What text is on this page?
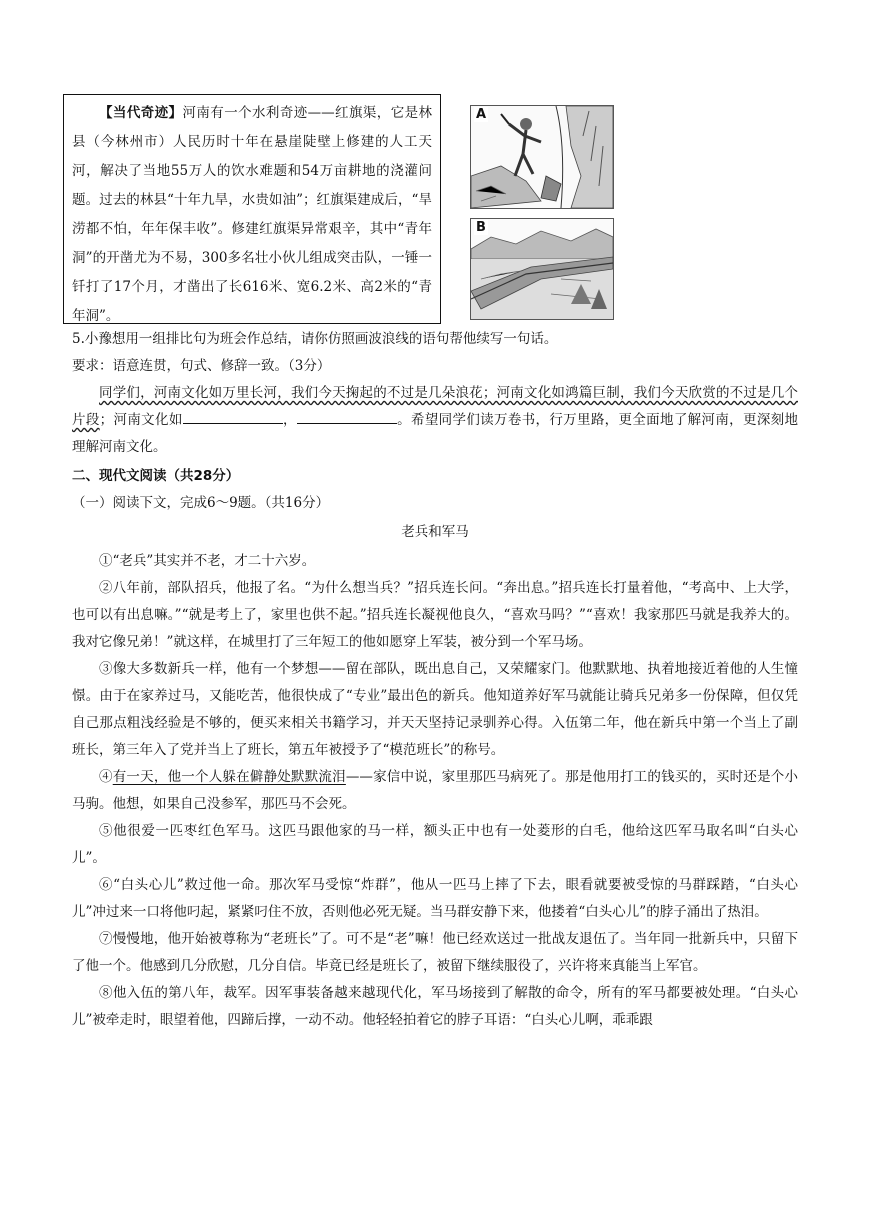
【当代奇迹】河南有一个水利奇迹——红旗渠，它是林县（今林州市）人民历时十年在悬崖陡壁上修建的人工天河，解决了当地55万人的饮水难题和54万亩耕地的浇灌问题。过去的林县“十年九旱，水贵如油”；红旗渠建成后，“旱涝都不怕，年年保丰收”。修建红旗渠异常艰辛，其中“青年洞”的开凿尤为不易，300多名壮小伙儿组成突击队，一锤一钎打了17个月，才凿出了长616米、宽6.2米、高2米的“青年洞”。

A
B

5.小豫想用一组排比句为班会作总结，请你仿照画波浪线的语句帮他续写一句话。

要求：语意连贯，句式、修辞一致。（3分）

同学们，河南文化如万里长河，我们今天掬起的不过是几朵浪花；河南文化如鸿篇巨制，我们今天欣赏的不过是几个片段；河南文化如	，	。希望同学们读万卷书，行万里路，更全面地了解河南，更深刻地理解河南文化。

二、现代文阅读（共28分）

（一）阅读下文，完成6～9题。（共16分）

老兵和军马

①“老兵”其实并不老，才二十六岁。

②八年前，部队招兵，他报了名。“为什么想当兵？”招兵连长问。“奔出息。”招兵连长打量着他，“考高中、上大学，也可以有出息嘛。”“就是考上了，家里也供不起。”招兵连长凝视他良久，“喜欢马吗？”“喜欢！我家那匹马就是我养大的。我对它像兄弟！”就这样，在城里打了三年短工的他如愿穿上军装，被分到一个军马场。

③像大多数新兵一样，他有一个梦想——留在部队，既出息自己，又荣耀家门。他默默地、执着地接近着他的人生憧憬。由于在家养过马，又能吃苦，他很快成了“专业”最出色的新兵。他知道养好军马就能让骑兵兄弟多一份保障，但仅凭自己那点粗浅经验是不够的，便买来相关书籍学习，并天天坚持记录驯养心得。入伍第二年，他在新兵中第一个当上了副班长，第三年入了党并当上了班长，第五年被授予了“模范班长”的称号。

④有一天，他一个人躲在僻静处默默流泪——家信中说，家里那匹马病死了。那是他用打工的钱买的，买时还是个小马驹。他想，如果自己没参军，那匹马不会死。

⑤他很爱一匹枣红色军马。这匹马跟他家的马一样，额头正中也有一处菱形的白毛，他给这匹军马取名叫“白头心儿”。

⑥“白头心儿”救过他一命。那次军马受惊“炸群”，他从一匹马上摔了下去，眼看就要被受惊的马群踩踏，“白头心儿”冲过来一口将他叼起，紧紧叼住不放，否则他必死无疑。当马群安静下来，他搂着“白头心儿”的脖子涌出了热泪。

⑦慢慢地，他开始被尊称为“老班长”了。可不是“老”嘛！他已经欢送过一批战友退伍了。当年同一批新兵中，只留下了他一个。他感到几分欣慰，几分自信。毕竟已经是班长了，被留下继续服役了，兴许将来真能当上军官。

⑧他入伍的第八年，裁军。因军事装备越来越现代化，军马场接到了解散的命令，所有的军马都要被处理。“白头心儿”被牵走时，眼望着他，四蹄后撑，一动不动。他轻轻拍着它的脖子耳语：“白头心儿啊，乖乖跟
